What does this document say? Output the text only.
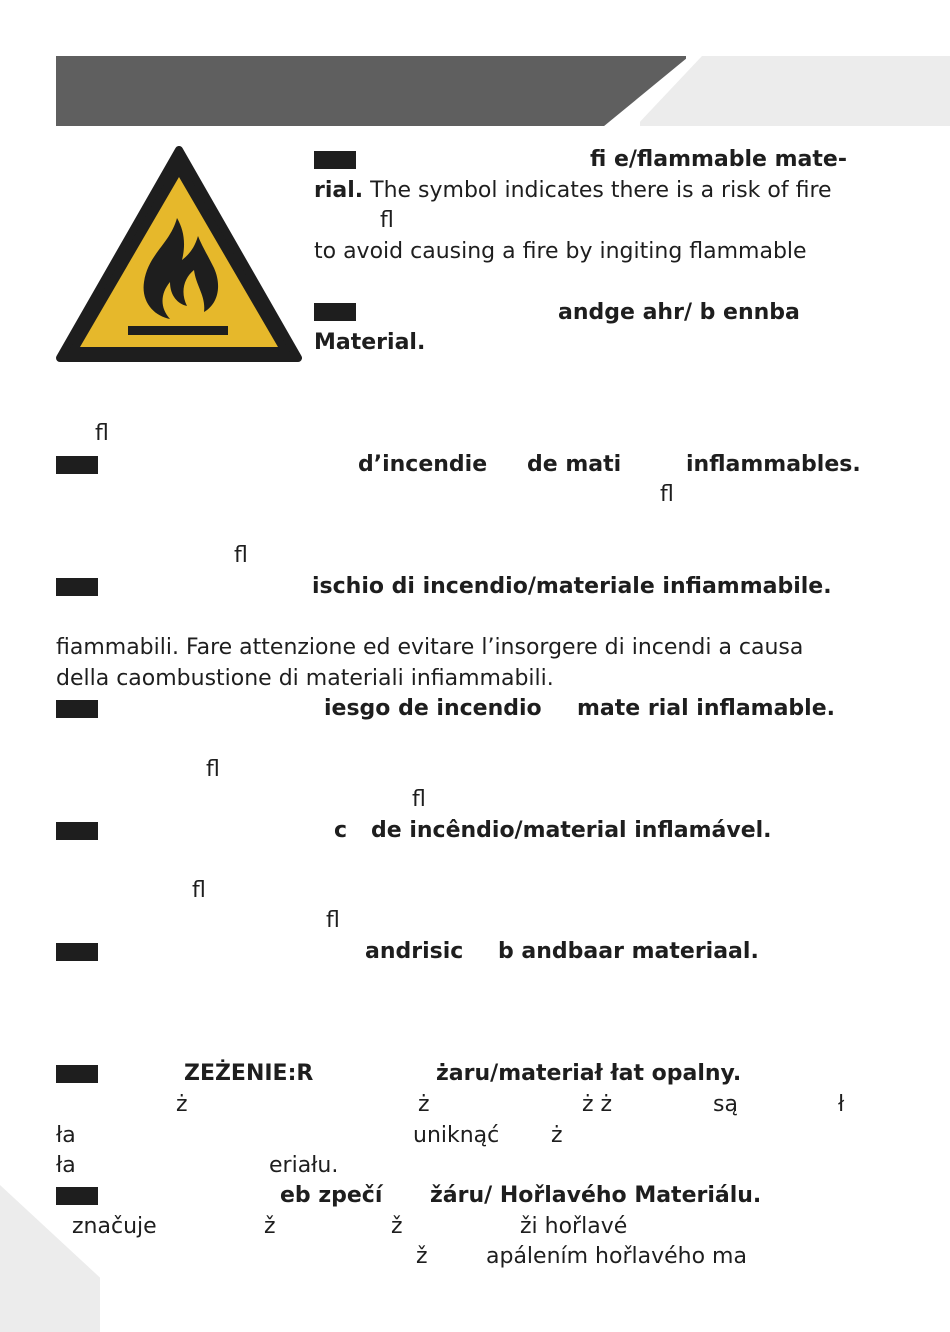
fi e/flammable mate-
rial. The symbol indicates there is a risk of fire
fl
to avoid causing a fire by ingiting flammable
andge ahr/ b ennba
Material.
fl
d’incendie de mati	inflammables.
fl
fl
ischio di incendio/materiale infiammabile.
fiammabili. Fare attenzione ed evitare l’insorgere di incendi a causa
della caombustione di materiali infiammabili.
iesgo de incendio mate rial inflamable.
fl
fl
c de incêndio/material inflamável.
fl
fl
andrisic b andbaar materiaal.
ZEŻENIE:R	żaru/materiał łat opalny.
ż	ż	ż ż	są	ł
ła	uniknąć ż
ła	eriału.
eb zpečí žáru/ Hořlavého Materiálu.
značuje	ž	ž	ži hořlavé
ž	apálením hořlavého ma
